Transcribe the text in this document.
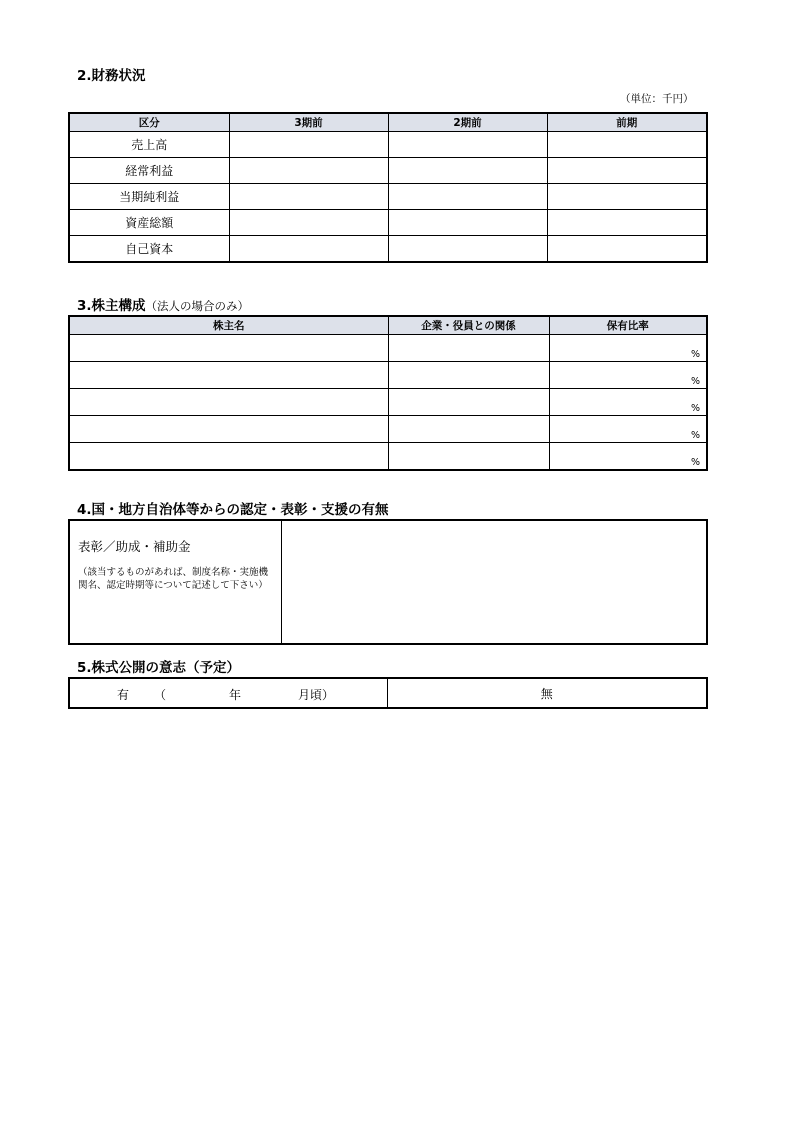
2.財務状況
（単位：千円）
区分	3期前	2期前	前期
売上高			
経常利益			
当期純利益			
資産総額			
自己資本			
3.株主構成（法人の場合のみ）
株主名	企業・役員との関係	保有比率
		%
		%
		%
		%
		%
4.国・地方自治体等からの認定・表彰・支援の有無
表彰／助成・補助金
（該当するものがあれば、制度名称・実施機関名、認定時期等について記述して下さい）

5.株式公開の意志（予定）
有 （	年	月頃）	無
